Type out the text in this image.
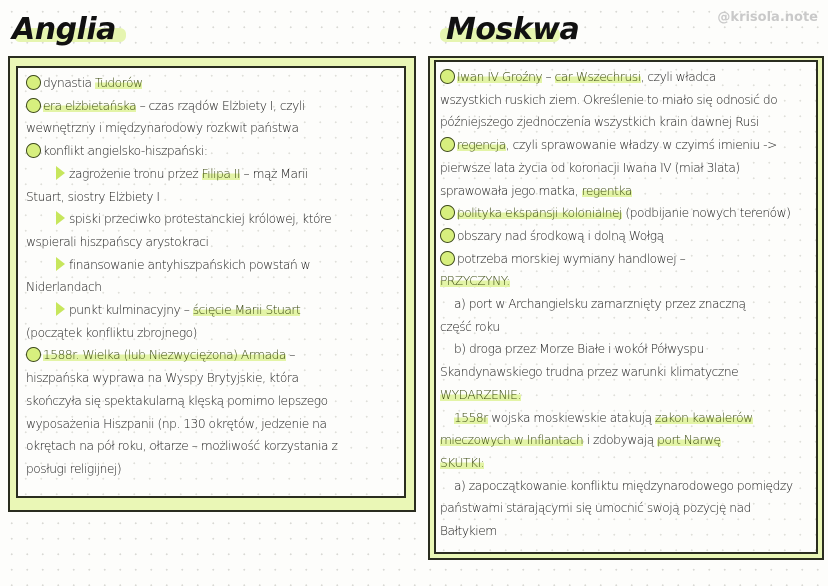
@krisola.note
Anglia
dynastia Tudorów
era elżbietańska – czas rządów Elżbiety I, czyli
wewnętrzny i międzynarodowy rozkwit państwa
konflikt angielsko-hiszpański:
zagrożenie tronu przez Filipa II – mąż Marii
Stuart, siostry Elżbiety I
spiski przeciwko protestanckiej królowej, które
wspierali hiszpańscy arystokraci
finansowanie antyhiszpańskich powstań w
Niderlandach
punkt kulminacyjny – ścięcie Marii Stuart
(początek konfliktu zbrojnego)
1588r. Wielka (lub Niezwyciężona) Armada –
hiszpańska wyprawa na Wyspy Brytyjskie, która
skończyła się spektakularną klęską pomimo lepszego
wyposażenia Hiszpanii (np. 130 okrętów, jedzenie na
okrętach na pół roku, ołtarze – możliwość korzystania z
posługi religijnej)
Moskwa
Iwan IV Groźny – car Wszechrusi, czyli władca
wszystkich ruskich ziem. Określenie to miało się odnosić do
późniejszego zjednoczenia wszystkich krain dawnej Rusi
regencja, czyli sprawowanie władzy w czyimś imieniu ->
pierwsze lata życia od koronacji Iwana IV (miał 3lata)
sprawowała jego matka, regentka
polityka ekspansji kolonialnej (podbijanie nowych terenów)
obszary nad środkową i dolną Wołgą
potrzeba morskiej wymiany handlowej –
PRZYCZYNY:
a) port w Archangielsku zamarznięty przez znaczną
część roku
b) droga przez Morze Białe i wokół Półwyspu
Skandynawskiego trudna przez warunki klimatyczne
WYDARZENIE:
1558r wojska moskiewskie atakują zakon kawalerów
mieczowych w Inflantach i zdobywają port Narwę
SKUTKI:
a) zapoczątkowanie konfliktu międzynarodowego pomiędzy
państwami starającymi się umocnić swoją pozycję nad
Bałtykiem
